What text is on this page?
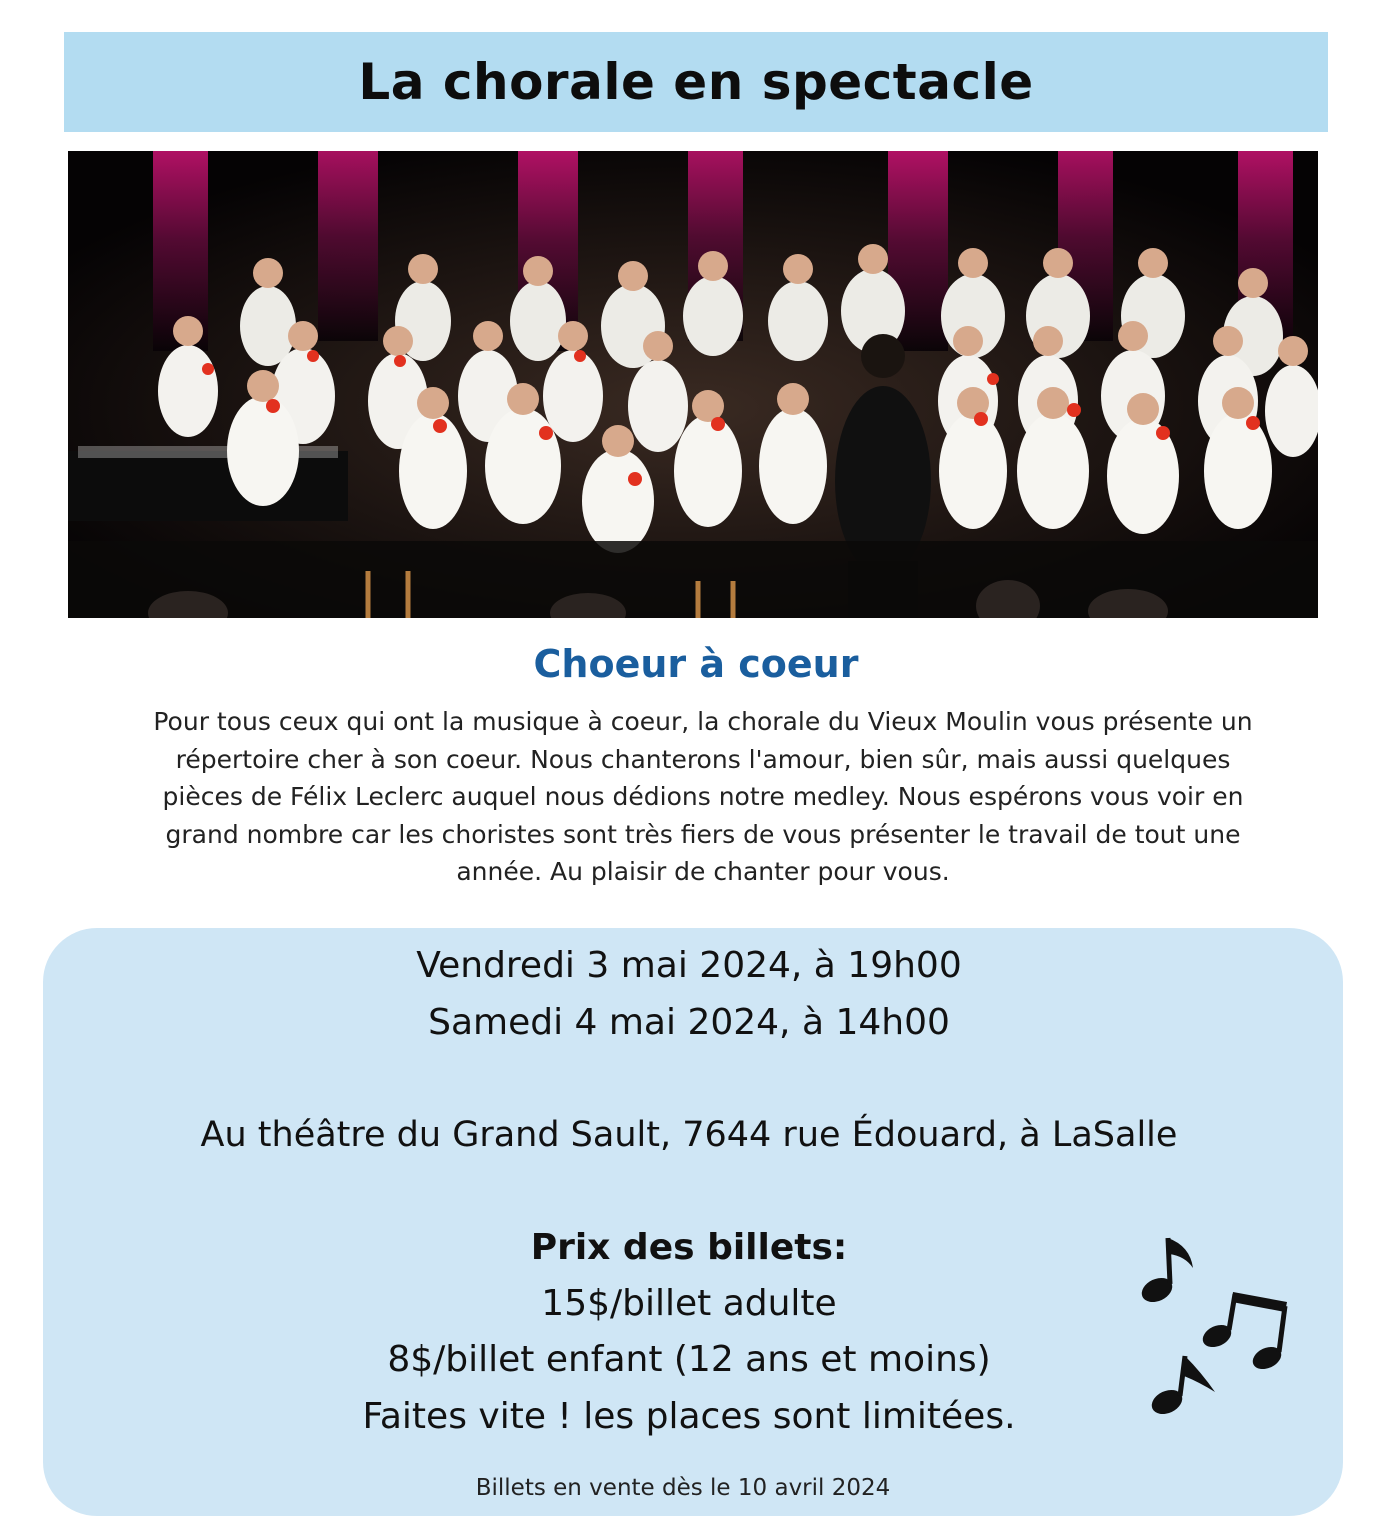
La chorale en spectacle
Choeur à coeur
Pour tous ceux qui ont la musique à coeur, la chorale du Vieux Moulin vous présente un
répertoire cher à son coeur. Nous chanterons l'amour, bien sûr, mais aussi quelques
pièces de Félix Leclerc auquel nous dédions notre medley. Nous espérons vous voir en
grand nombre car les choristes sont très fiers de vous présenter le travail de tout une
année. Au plaisir de chanter pour vous.
Vendredi 3 mai 2024, à 19h00
Samedi 4 mai 2024, à 14h00
Au théâtre du Grand Sault, 7644 rue Édouard, à LaSalle
Prix des billets:
15$/billet adulte
8$/billet enfant (12 ans et moins)
Faites vite ! les places sont limitées.
Billets en vente dès le 10 avril 2024
